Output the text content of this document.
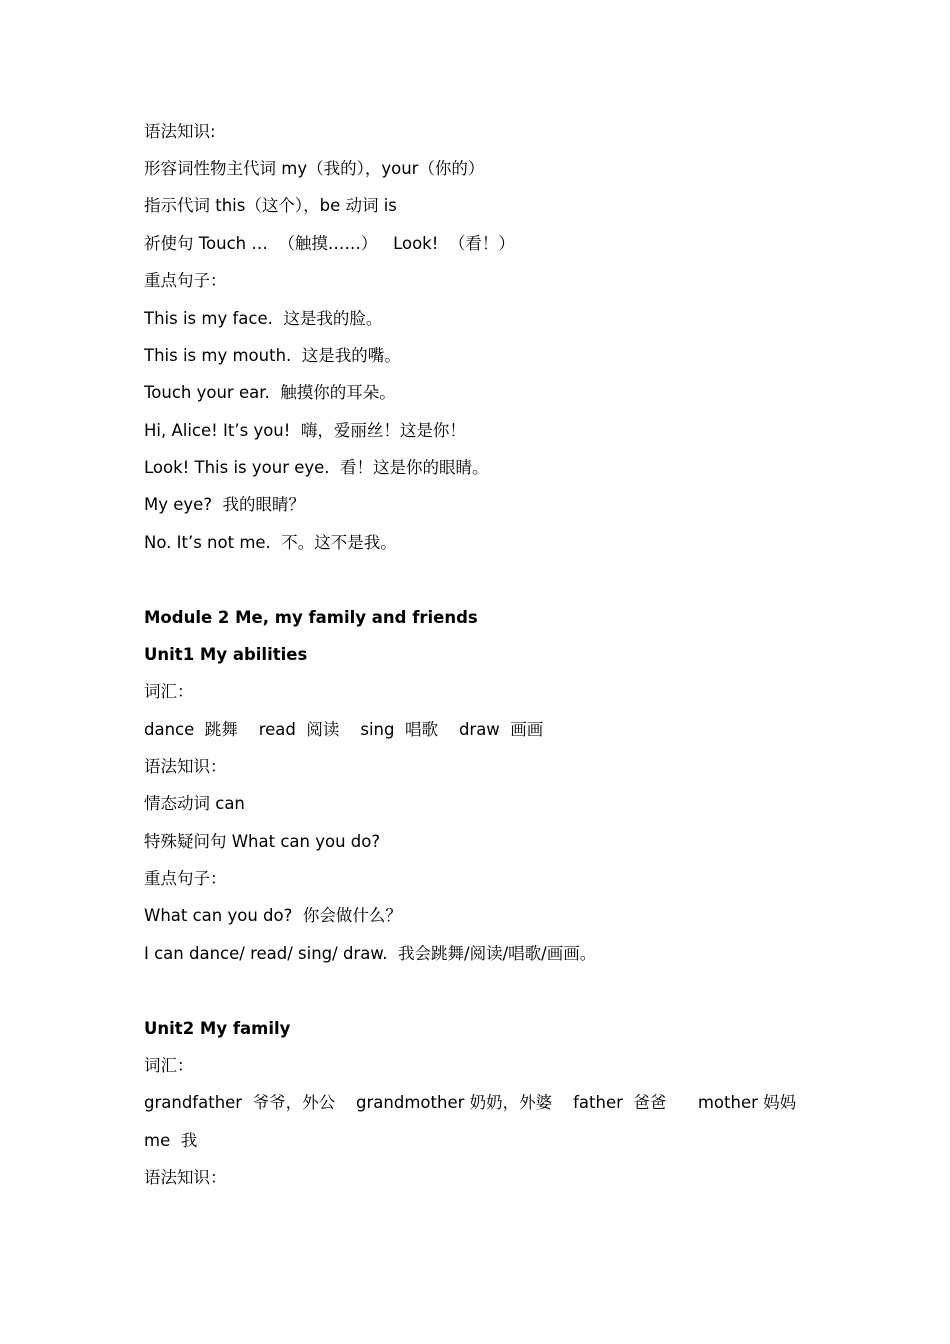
语法知识:
形容词性物主代词 my（我的），your（你的）
指示代词 this（这个），be 动词 is
祈使句 Touch …  （触摸……）   Look!  （看！）
重点句子：
This is my face.  这是我的脸。
This is my mouth.  这是我的嘴。
Touch your ear.  触摸你的耳朵。
Hi, Alice! It’s you!  嗨，爱丽丝！这是你！
Look! This is your eye.  看！这是你的眼睛。
My eye?  我的眼睛？
No. It’s not me.  不。这不是我。
Module 2 Me, my family and friends
Unit1 My abilities
词汇：
dance  跳舞    read  阅读    sing  唱歌    draw  画画
语法知识：
情态动词 can
特殊疑问句 What can you do?
重点句子：
What can you do?  你会做什么？
I can dance/ read/ sing/ draw.  我会跳舞/阅读/唱歌/画画。
Unit2 My family
词汇：
grandfather  爷爷，外公    grandmother 奶奶，外婆    father  爸爸      mother 妈妈
me  我
语法知识：
